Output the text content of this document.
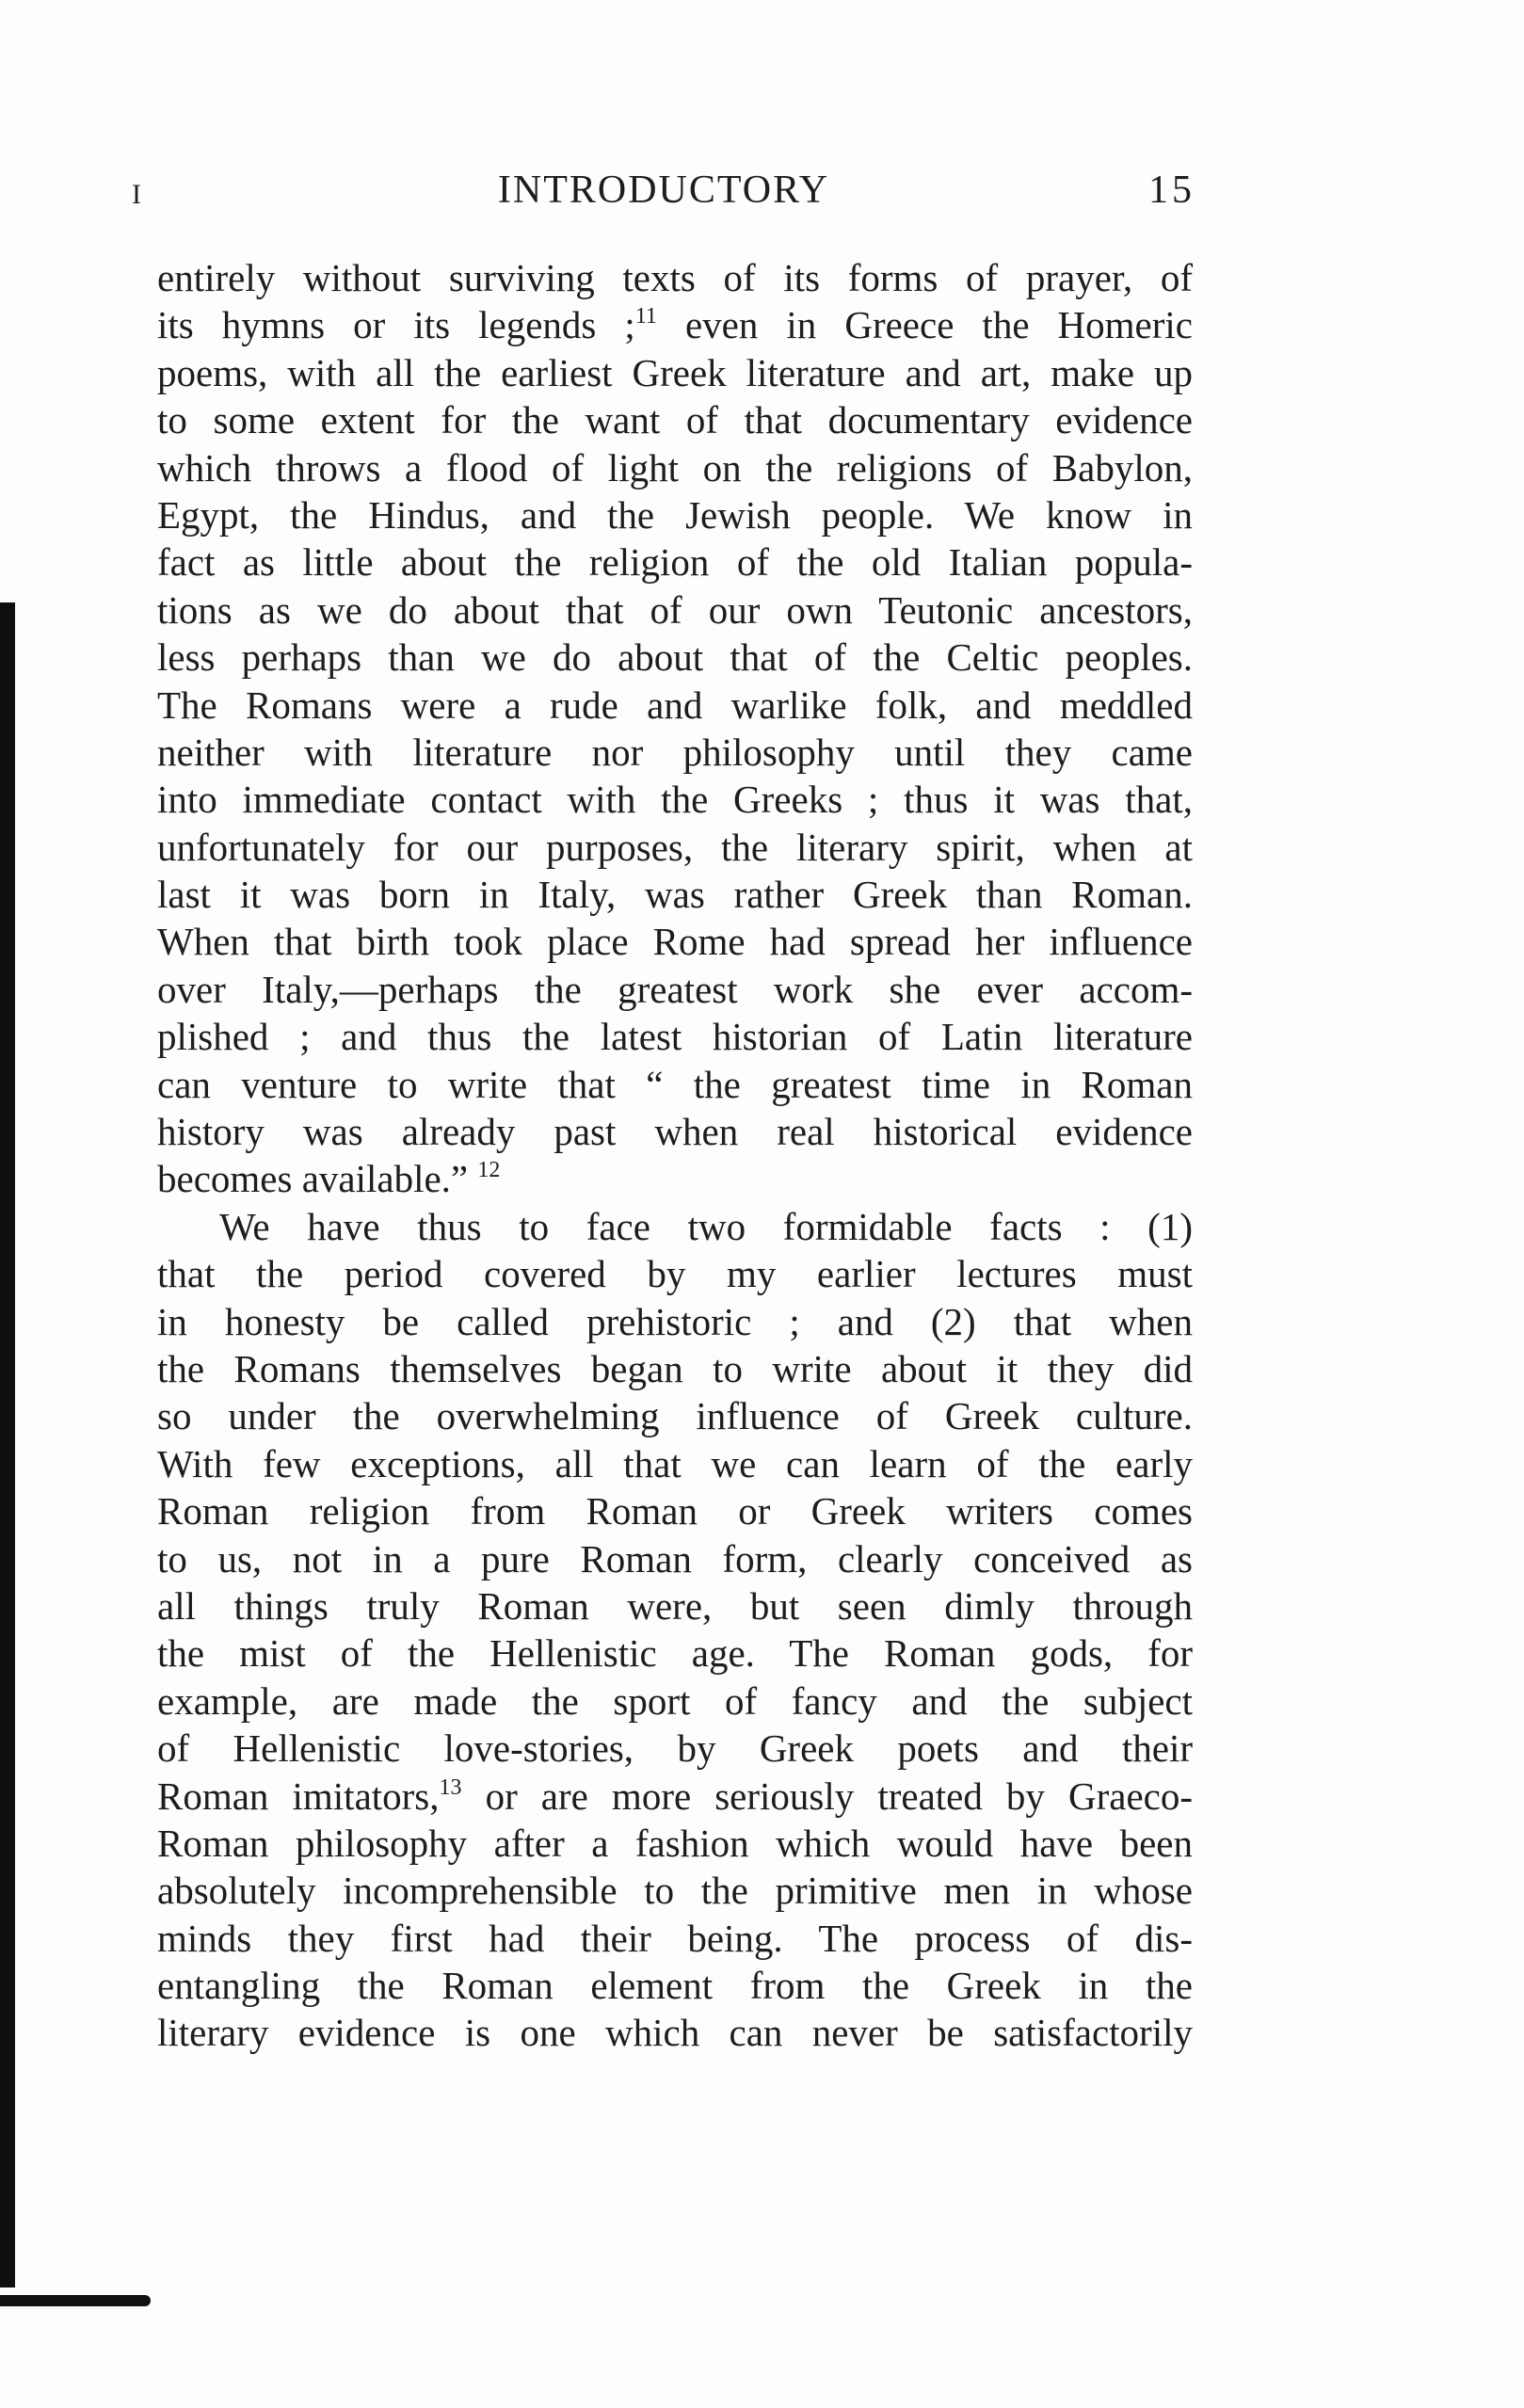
I	INTRODUCTORY	15
entirely without surviving texts of its forms of prayer, of
its hymns or its legends ;$^{11}$ even in Greece the Homeric
poems, with all the earliest Greek literature and art, make up
to some extent for the want of that documentary evidence
which throws a flood of light on the religions of Babylon,
Egypt, the Hindus, and the Jewish people. We know in
fact as little about the religion of the old Italian popula-
tions as we do about that of our own Teutonic ancestors,
less perhaps than we do about that of the Celtic peoples.
The Romans were a rude and warlike folk, and meddled
neither with literature nor philosophy until they came
into immediate contact with the Greeks ; thus it was that,
unfortunately for our purposes, the literary spirit, when at
last it was born in Italy, was rather Greek than Roman.
When that birth took place Rome had spread her influence
over Italy,—perhaps the greatest work she ever accom-
plished ; and thus the latest historian of Latin literature
can venture to write that “ the greatest time in Roman
history was already past when real historical evidence
becomes available.” $^{12}$
We have thus to face two formidable facts : (1)
that the period covered by my earlier lectures must
in honesty be called prehistoric ; and (2) that when
the Romans themselves began to write about it they did
so under the overwhelming influence of Greek culture.
With few exceptions, all that we can learn of the early
Roman religion from Roman or Greek writers comes
to us, not in a pure Roman form, clearly conceived as
all things truly Roman were, but seen dimly through
the mist of the Hellenistic age. The Roman gods, for
example, are made the sport of fancy and the subject
of Hellenistic love-stories, by Greek poets and their
Roman imitators,$^{13}$ or are more seriously treated by Graeco-
Roman philosophy after a fashion which would have been
absolutely incomprehensible to the primitive men in whose
minds they first had their being. The process of dis-
entangling the Roman element from the Greek in the
literary evidence is one which can never be satisfactorily
